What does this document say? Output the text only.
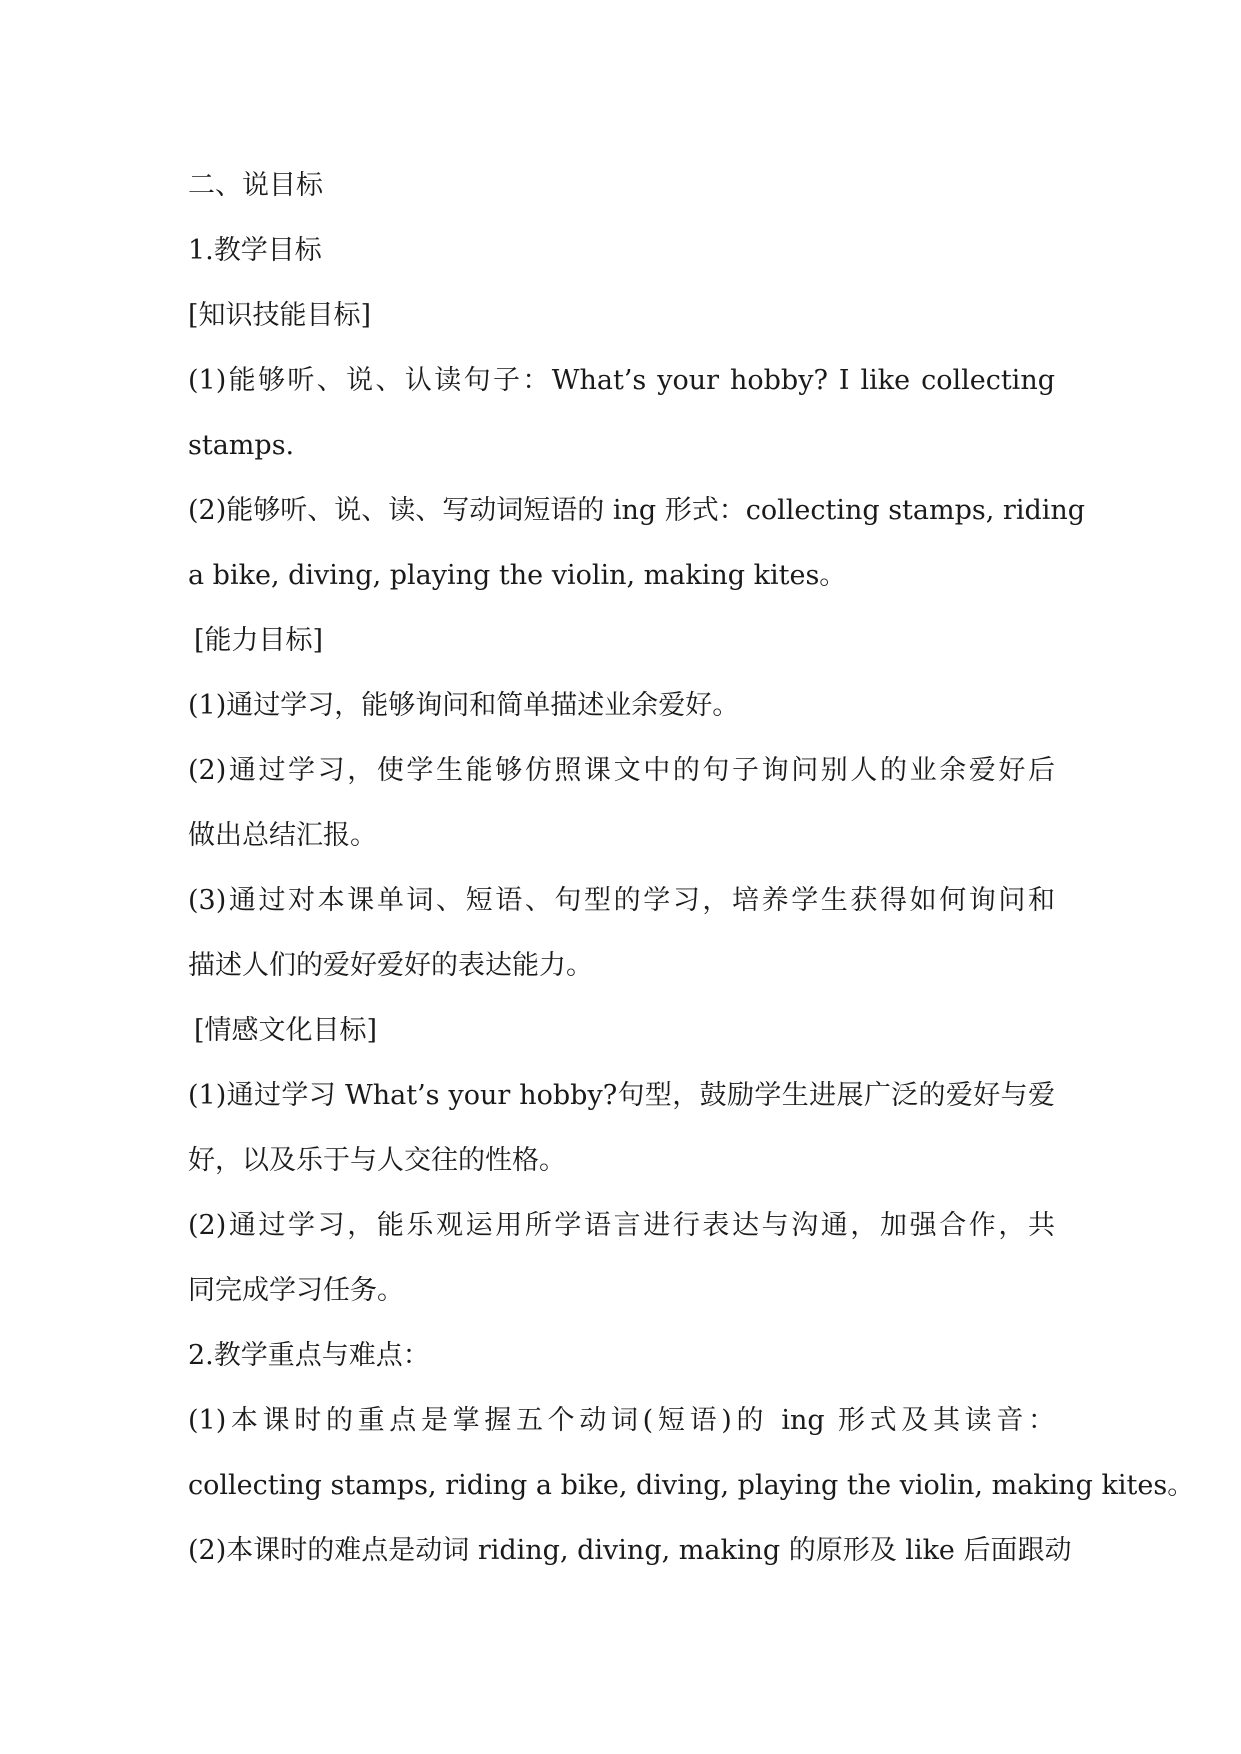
二、说目标
1.教学目标
[知识技能目标]
(1)能够听、说、认读句子：What’s your hobby? I like collecting
stamps.
(2)能够听、说、读、写动词短语的 ing 形式：collecting stamps, riding
a bike, diving, playing the violin, making kites。
[能力目标]
(1)通过学习，能够询问和简单描述业余爱好。
(2)通过学习，使学生能够仿照课文中的句子询问别人的业余爱好后
做出总结汇报。
(3)通过对本课单词、短语、句型的学习，培养学生获得如何询问和
描述人们的爱好爱好的表达能力。
[情感文化目标]
(1)通过学习 What’s your hobby?句型，鼓励学生进展广泛的爱好与爱
好，以及乐于与人交往的性格。
(2)通过学习，能乐观运用所学语言进行表达与沟通，加强合作，共
同完成学习任务。
2.教学重点与难点：
(1)本课时的重点是掌握五个动词(短语)的 ing 形式及其读音：
collecting stamps, riding a bike, diving, playing the violin, making kites。
(2)本课时的难点是动词 riding, diving, making 的原形及 like 后面跟动
